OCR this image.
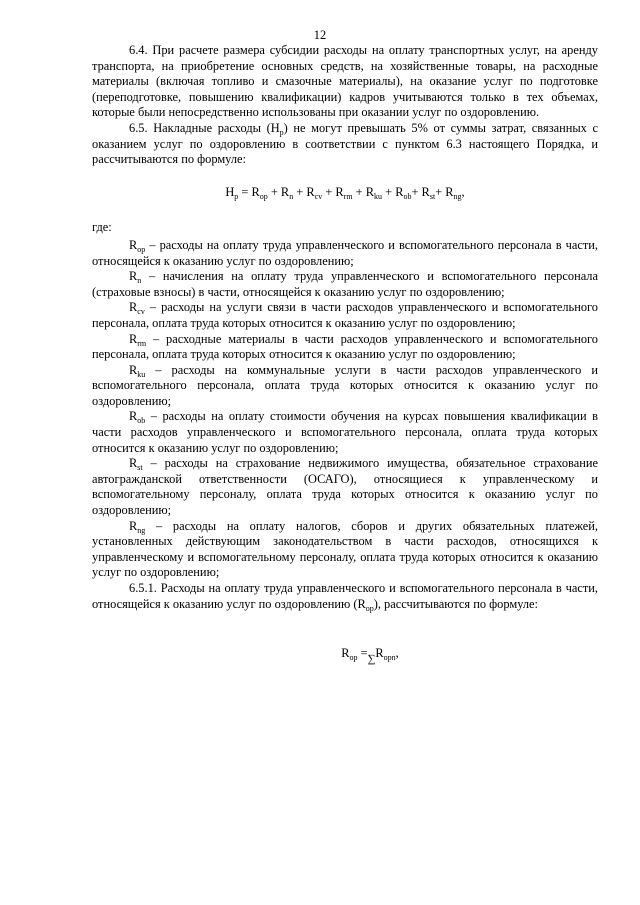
12

6.4. При расчете размера субсидии расходы на оплату транспортных услуг, на аренду транспорта, на приобретение основных средств, на хозяйственные товары, на расходные материалы (включая топливо и смазочные материалы), на оказание услуг по подготовке (переподготовке, повышению квалификации) кадров учитываются только в тех объемах, которые были непосредственно использованы при оказании услуг по оздоровлению.

6.5. Накладные расходы $(Н_р)$ не могут превышать 5% от суммы затрат, связанных с оказанием услуг по оздоровлению в соответствии с пунктом 6.3 настоящего Порядка, и рассчитываются по формуле:

$Н_р = R_{op} + R_n + R_{cv} + R_{rm} + R_{ku} + R_{ob}+ R_{st}+ R_{ng}$,

где:

$R_{op}$ – расходы на оплату труда управленческого и вспомогательного персонала в части, относящейся к оказанию услуг по оздоровлению;

$R_n$ – начисления на оплату труда управленческого и вспомогательного персонала (страховые взносы) в части, относящейся к оказанию услуг по оздоровлению;

$R_{cv}$ – расходы на услуги связи в части расходов управленческого и вспомогательного персонала, оплата труда которых относится к оказанию услуг по оздоровлению;

$R_{rm}$ – расходные материалы в части расходов управленческого и вспомогательного персонала, оплата труда которых относится к оказанию услуг по оздоровлению;

$R_{ku}$ – расходы на коммунальные услуги в части расходов управленческого и вспомогательного персонала, оплата труда которых относится к оказанию услуг по оздоровлению;

$R_{ob}$ – расходы на оплату стоимости обучения на курсах повышения квалификации в части расходов управленческого и вспомогательного персонала, оплата труда которых относится к оказанию услуг по оздоровлению;

$R_{st}$ – расходы на страхование недвижимого имущества, обязательное страхование автогражданской ответственности (ОСАГО), относящиеся к управленческому и вспомогательному персоналу, оплата труда которых относится к оказанию услуг по оздоровлению;

$R_{ng}$ – расходы на оплату налогов, сборов и других обязательных платежей, установленных действующим законодательством в части расходов, относящихся к управленческому и вспомогательному персоналу, оплата труда которых относится к оказанию услуг по оздоровлению;

6.5.1. Расходы на оплату труда управленческого и вспомогательного персонала в части, относящейся к оказанию услуг по оздоровлению $(R_{op})$, рассчитываются по формуле:

$R_{op} =\sum R_{opn}$,
